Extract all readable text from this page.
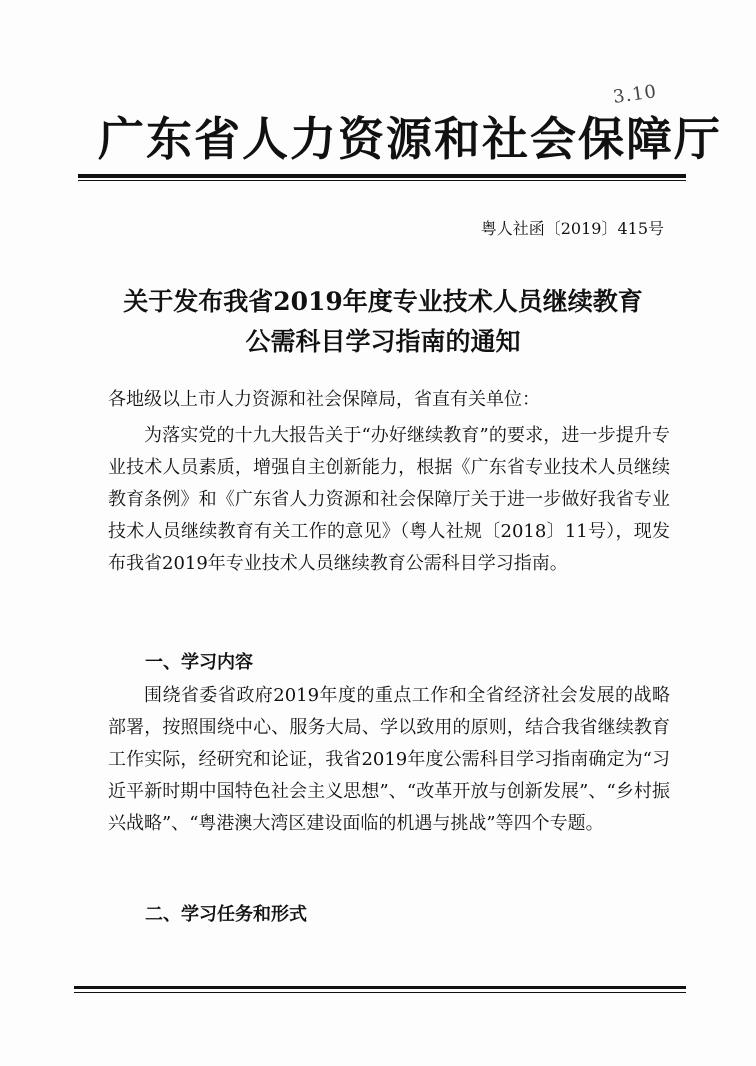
3.10
广东省人力资源和社会保障厅
粤人社函〔2019〕415号
关于发布我省2019年度专业技术人员继续教育
公需科目学习指南的通知
各地级以上市人力资源和社会保障局，省直有关单位：
为落实党的十九大报告关于“办好继续教育”的要求，进一步提升专业技术人员素质，增强自主创新能力，根据《广东省专业技术人员继续教育条例》和《广东省人力资源和社会保障厅关于进一步做好我省专业技术人员继续教育有关工作的意见》（粤人社规〔2018〕11号），现发布我省2019年专业技术人员继续教育公需科目学习指南。
一、学习内容
围绕省委省政府2019年度的重点工作和全省经济社会发展的战略部署，按照围绕中心、服务大局、学以致用的原则，结合我省继续教育工作实际，经研究和论证，我省2019年度公需科目学习指南确定为“习近平新时期中国特色社会主义思想”、“改革开放与创新发展”、“乡村振兴战略”、“粤港澳大湾区建设面临的机遇与挑战”等四个专题。
二、学习任务和形式
